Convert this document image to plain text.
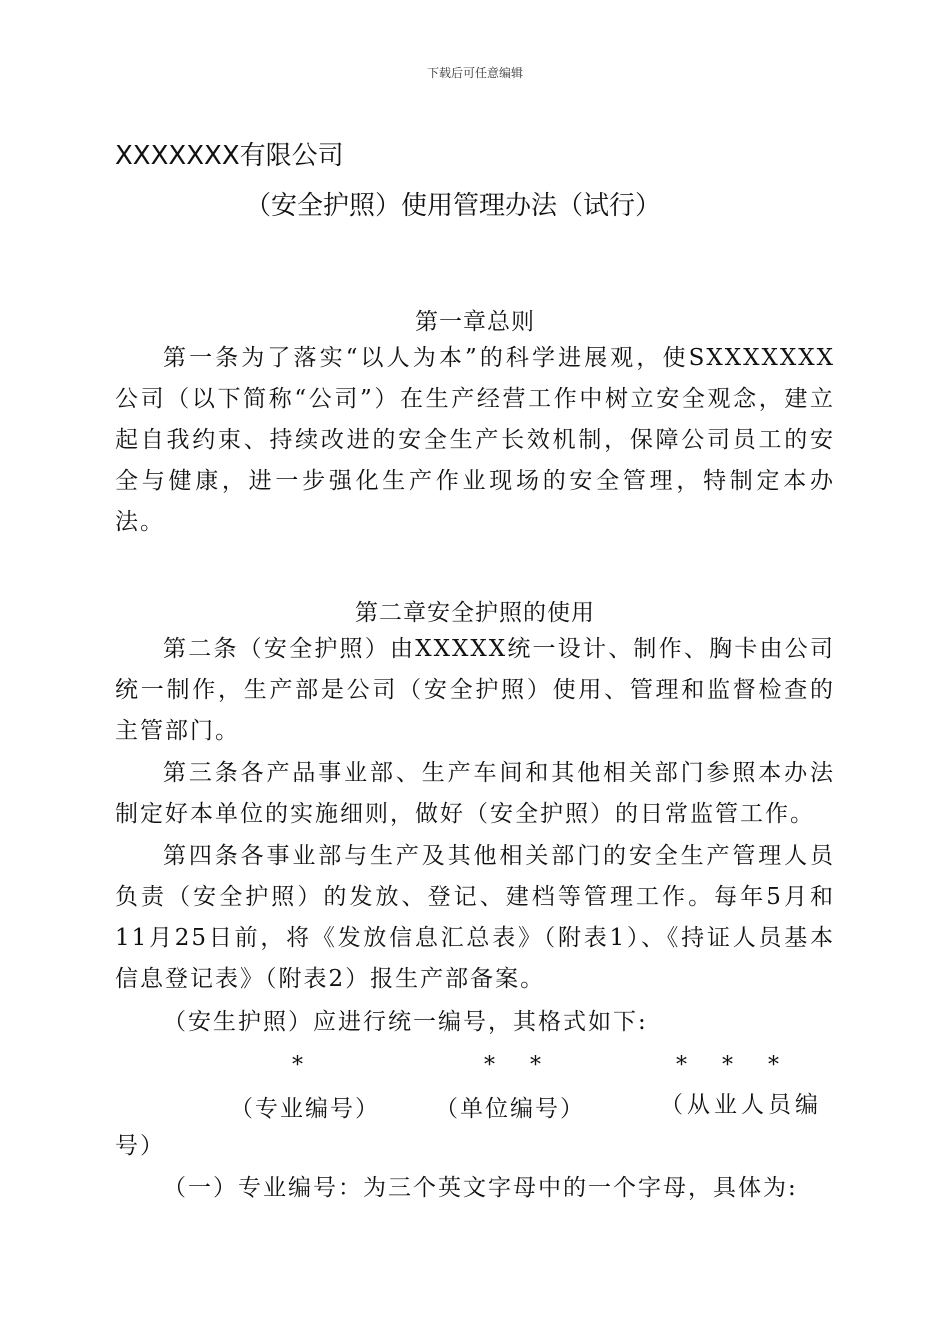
下载后可任意编辑
XXXXXXX有限公司
（安全护照）使用管理办法（试行）
第一章总则

第一条为了落实“以人为本”的科学进展观，使SXXXXXXX公司（以下简称“公司”）在生产经营工作中树立安全观念，建立起自我约束、持续改进的安全生产长效机制，保障公司员工的安全与健康，进一步强化生产作业现场的安全管理，特制定本办法。

第二章安全护照的使用

第二条（安全护照）由XXXXX统一设计、制作、胸卡由公司统一制作，生产部是公司（安全护照）使用、管理和监督检查的主管部门。

第三条各产品事业部、生产车间和其他相关部门参照本办法制定好本单位的实施细则，做好（安全护照）的日常监管工作。

第四条各事业部与生产及其他相关部门的安全生产管理人员负责（安全护照）的发放、登记、建档等管理工作。每年5月和11月25日前，将《发放信息汇总表》（附表1）、《持证人员基本信息登记表》（附表2）报生产部备案。

（安生护照）应进行统一编号，其格式如下:

*	* *	* * *
（专业编号） （单位编号）	（从业人员编号）

（一）专业编号：为三个英文字母中的一个字母，具体为:
